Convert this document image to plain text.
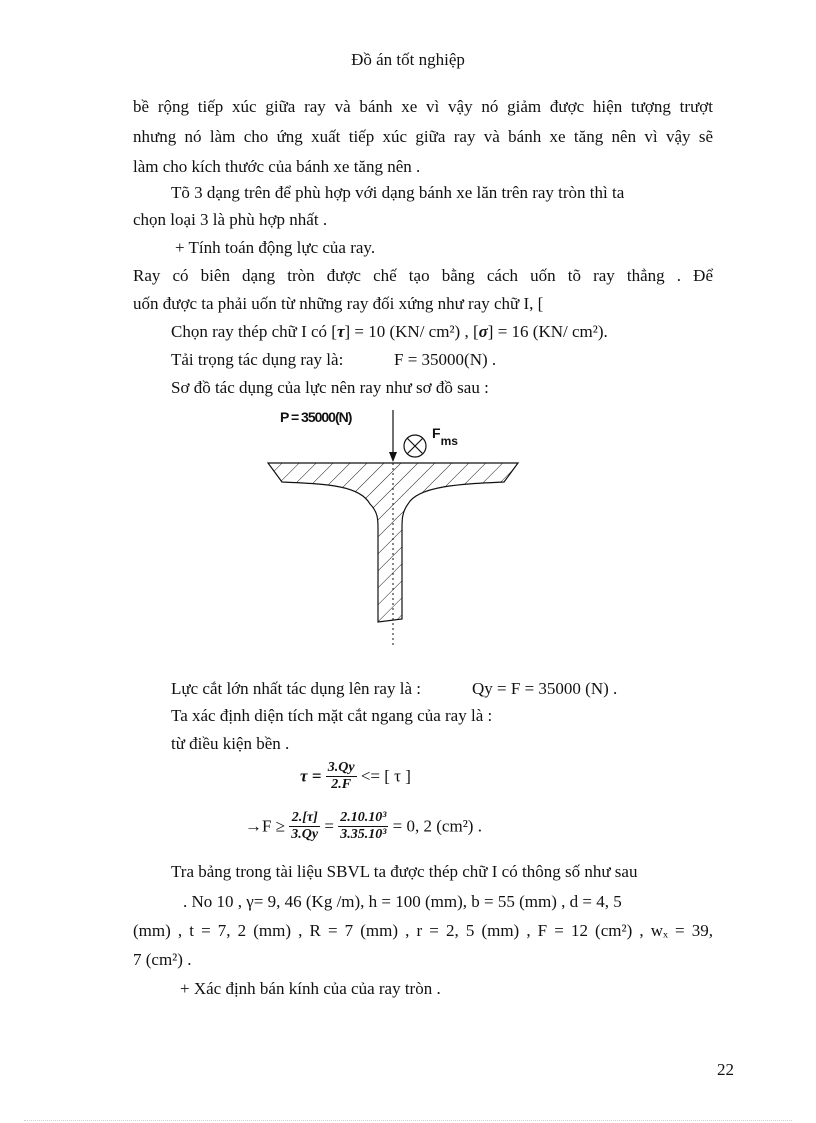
Đồ án tốt nghiệp
bề rộng tiếp xúc giữa ray và bánh xe vì vậy nó giảm được hiện tượng trượt
nhưng nó làm cho ứng xuất tiếp xúc giữa ray và bánh xe tăng nên vì vậy sẽ
làm cho kích thước của bánh xe tăng nên .
Tõ 3 dạng trên để phù hợp với dạng bánh xe lăn trên ray tròn thì ta
chọn loại 3 là phù hợp nhất .
+ Tính toán động lực của ray.
Ray có biên dạng tròn được chế tạo bằng cách uốn tõ ray thẳng . Để
uốn được ta phải uốn từ những ray đối xứng như ray chữ I, [
Chọn ray thép chữ I có [τ] = 10 (KN/ cm²) , [σ] = 16 (KN/ cm²).
Tải trọng tác dụng ray là:	F = 35000(N) .
Sơ đồ tác dụng của lực nên ray như sơ đồ sau :
P = 35000(N)
Fms
Lực cắt lớn nhất tác dụng lên ray là :	Qy = F = 35000 (N) .
Ta xác định diện tích mặt cắt ngang của ray là :
từ điều kiện bền .
$\tau = \frac{3.Qy}{2.F}$ <= [ τ ]
$\to F \ge \frac{2.[\tau]}{3.Qy} = \frac{\text{2.10.10³}}{\text{3.35.10³}} = 0$, 2 (cm²) .
Tra bảng trong tài liệu SBVL ta được thép chữ I có thông số như sau
. No 10 , γ= 9, 46 (Kg /m), h = 100 (mm), b = 55 (mm) , d = 4, 5
(mm) , t = 7, 2 (mm) , R = 7 (mm) , r = 2, 5 (mm) , F = 12 (cm²) , wₓ = 39,
7 (cm²) .
+ Xác định bán kính của của ray tròn .
22
